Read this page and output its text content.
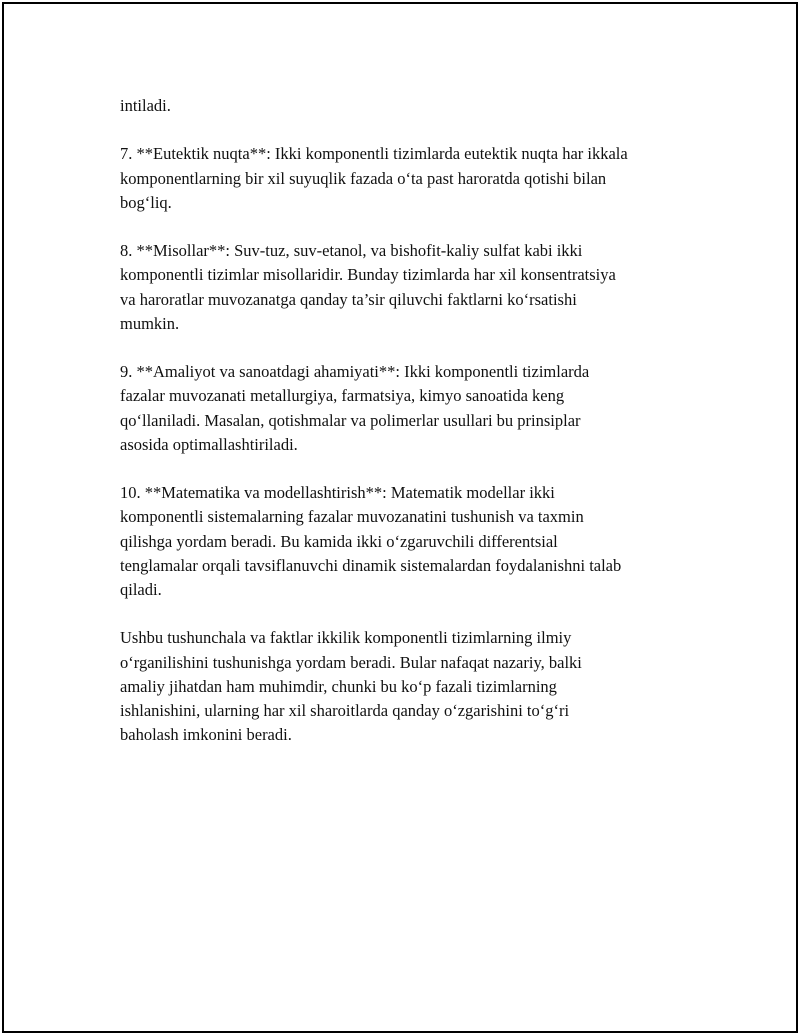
intiladi.

7. **Eutektik nuqta**: Ikki komponentli tizimlarda eutektik nuqta har ikkala
komponentlarning bir xil suyuqlik fazada o‘ta past haroratda qotishi bilan
bog‘liq.

8. **Misollar**: Suv-tuz, suv-etanol, va bishofit-kaliy sulfat kabi ikki
komponentli tizimlar misollaridir. Bunday tizimlarda har xil konsentratsiya
va haroratlar muvozanatga qanday ta’sir qiluvchi faktlarni ko‘rsatishi
mumkin.

9. **Amaliyot va sanoatdagi ahamiyati**: Ikki komponentli tizimlarda
fazalar muvozanati metallurgiya, farmatsiya, kimyo sanoatida keng
qo‘llaniladi. Masalan, qotishmalar va polimerlar usullari bu prinsiplar
asosida optimallashtiriladi.

10. **Matematika va modellashtirish**: Matematik modellar ikki
komponentli sistemalarning fazalar muvozanatini tushunish va taxmin
qilishga yordam beradi. Bu kamida ikki o‘zgaruvchili differentsial
tenglamalar orqali tavsiflanuvchi dinamik sistemalardan foydalanishni talab
qiladi.

Ushbu tushunchala va faktlar ikkilik komponentli tizimlarning ilmiy
o‘rganilishini tushunishga yordam beradi. Bular nafaqat nazariy, balki
amaliy jihatdan ham muhimdir, chunki bu ko‘p fazali tizimlarning
ishlanishini, ularning har xil sharoitlarda qanday o‘zgarishini to‘g‘ri
baholash imkonini beradi.
